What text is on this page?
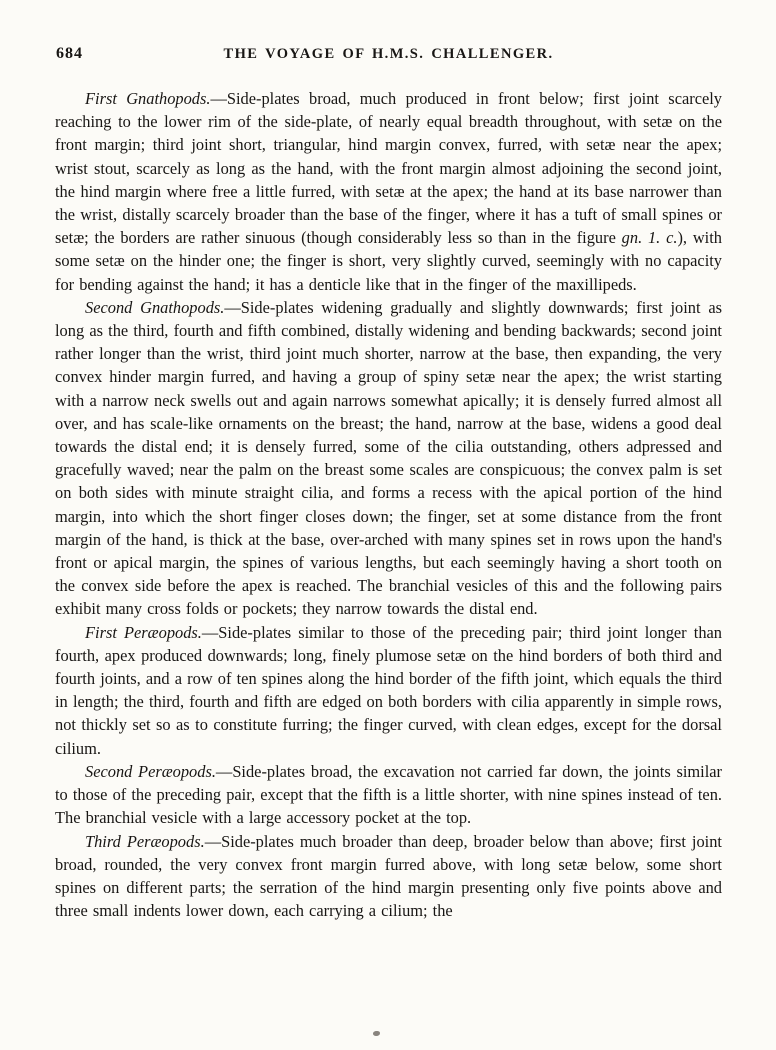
684	THE VOYAGE OF H.M.S. CHALLENGER.

First Gnathopods.—Side-plates broad, much produced in front below; first joint scarcely reaching to the lower rim of the side-plate, of nearly equal breadth throughout, with setæ on the front margin; third joint short, triangular, hind margin convex, furred, with setæ near the apex; wrist stout, scarcely as long as the hand, with the front margin almost adjoining the second joint, the hind margin where free a little furred, with setæ at the apex; the hand at its base narrower than the wrist, distally scarcely broader than the base of the finger, where it has a tuft of small spines or setæ; the borders are rather sinuous (though considerably less so than in the figure gn. 1. c.), with some setæ on the hinder one; the finger is short, very slightly curved, seemingly with no capacity for bending against the hand; it has a denticle like that in the finger of the maxillipeds.

Second Gnathopods.—Side-plates widening gradually and slightly downwards; first joint as long as the third, fourth and fifth combined, distally widening and bending backwards; second joint rather longer than the wrist, third joint much shorter, narrow at the base, then expanding, the very convex hinder margin furred, and having a group of spiny setæ near the apex; the wrist starting with a narrow neck swells out and again narrows somewhat apically; it is densely furred almost all over, and has scale-like ornaments on the breast; the hand, narrow at the base, widens a good deal towards the distal end; it is densely furred, some of the cilia outstanding, others adpressed and gracefully waved; near the palm on the breast some scales are conspicuous; the convex palm is set on both sides with minute straight cilia, and forms a recess with the apical portion of the hind margin, into which the short finger closes down; the finger, set at some distance from the front margin of the hand, is thick at the base, over-arched with many spines set in rows upon the hand's front or apical margin, the spines of various lengths, but each seemingly having a short tooth on the convex side before the apex is reached. The branchial vesicles of this and the following pairs exhibit many cross folds or pockets; they narrow towards the distal end.

First Peræopods.—Side-plates similar to those of the preceding pair; third joint longer than fourth, apex produced downwards; long, finely plumose setæ on the hind borders of both third and fourth joints, and a row of ten spines along the hind border of the fifth joint, which equals the third in length; the third, fourth and fifth are edged on both borders with cilia apparently in simple rows, not thickly set so as to constitute furring; the finger curved, with clean edges, except for the dorsal cilium.

Second Peræopods.—Side-plates broad, the excavation not carried far down, the joints similar to those of the preceding pair, except that the fifth is a little shorter, with nine spines instead of ten. The branchial vesicle with a large accessory pocket at the top.

Third Peræopods.—Side-plates much broader than deep, broader below than above; first joint broad, rounded, the very convex front margin furred above, with long setæ below, some short spines on different parts; the serration of the hind margin presenting only five points above and three small indents lower down, each carrying a cilium; the
